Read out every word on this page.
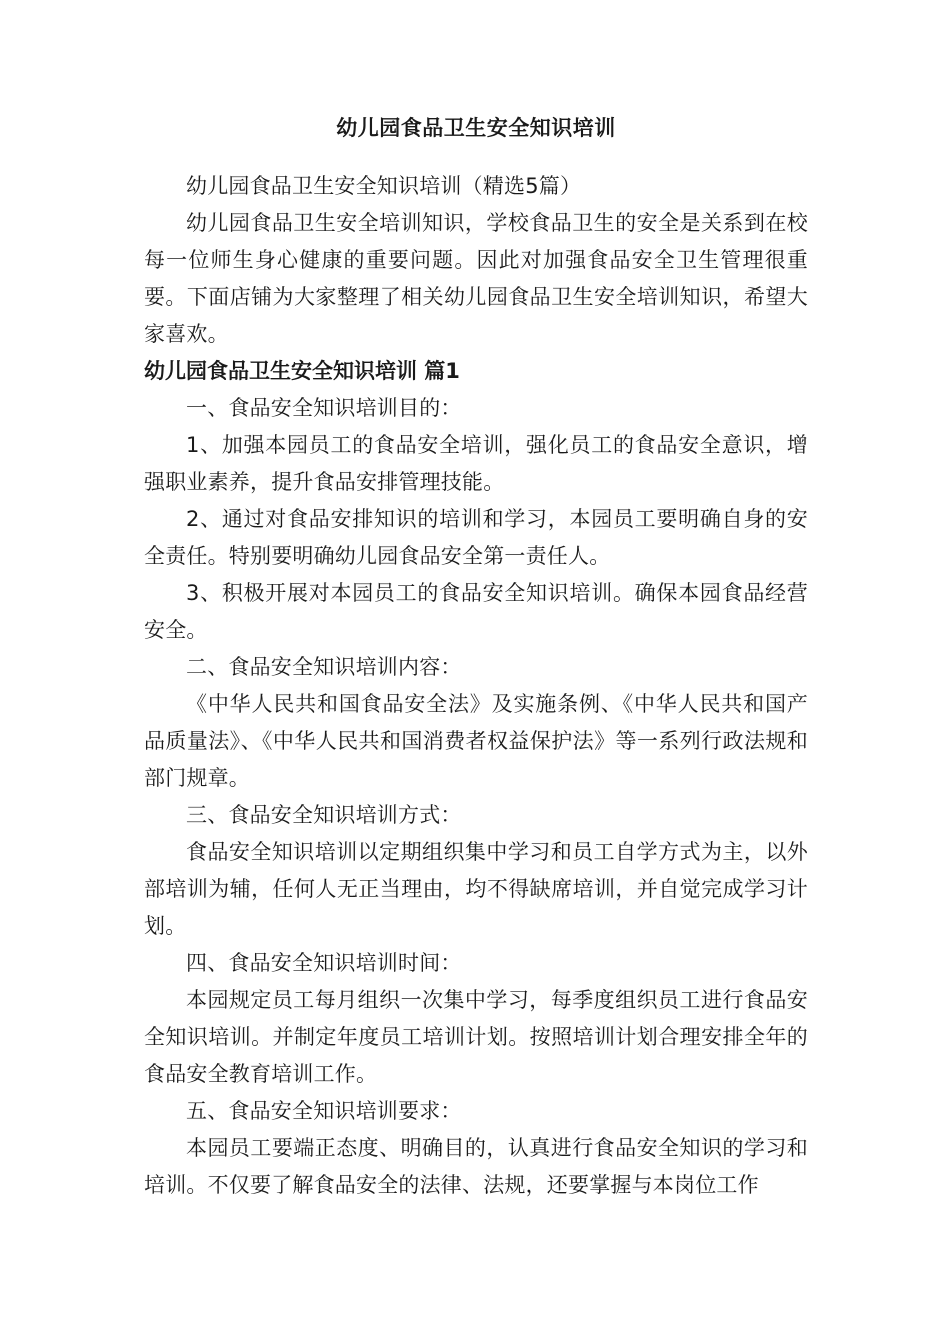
幼儿园食品卫生安全知识培训

幼儿园食品卫生安全知识培训（精选5篇）

幼儿园食品卫生安全培训知识，学校食品卫生的安全是关系到在校每一位师生身心健康的重要问题。因此对加强食品安全卫生管理很重要。下面店铺为大家整理了相关幼儿园食品卫生安全培训知识，希望大家喜欢。

幼儿园食品卫生安全知识培训 篇1

一、食品安全知识培训目的：

1、加强本园员工的食品安全培训，强化员工的食品安全意识，增强职业素养，提升食品安排管理技能。

2、通过对食品安排知识的培训和学习，本园员工要明确自身的安全责任。特别要明确幼儿园食品安全第一责任人。

3、积极开展对本园员工的食品安全知识培训。确保本园食品经营安全。

二、食品安全知识培训内容：

《中华人民共和国食品安全法》及实施条例、《中华人民共和国产品质量法》、《中华人民共和国消费者权益保护法》等一系列行政法规和部门规章。

三、食品安全知识培训方式：

食品安全知识培训以定期组织集中学习和员工自学方式为主，以外部培训为辅，任何人无正当理由，均不得缺席培训，并自觉完成学习计划。

四、食品安全知识培训时间：

本园规定员工每月组织一次集中学习，每季度组织员工进行食品安全知识培训。并制定年度员工培训计划。按照培训计划合理安排全年的食品安全教育培训工作。

五、食品安全知识培训要求：

本园员工要端正态度、明确目的，认真进行食品安全知识的学习和培训。不仅要了解食品安全的法律、法规，还要掌握与本岗位工作
